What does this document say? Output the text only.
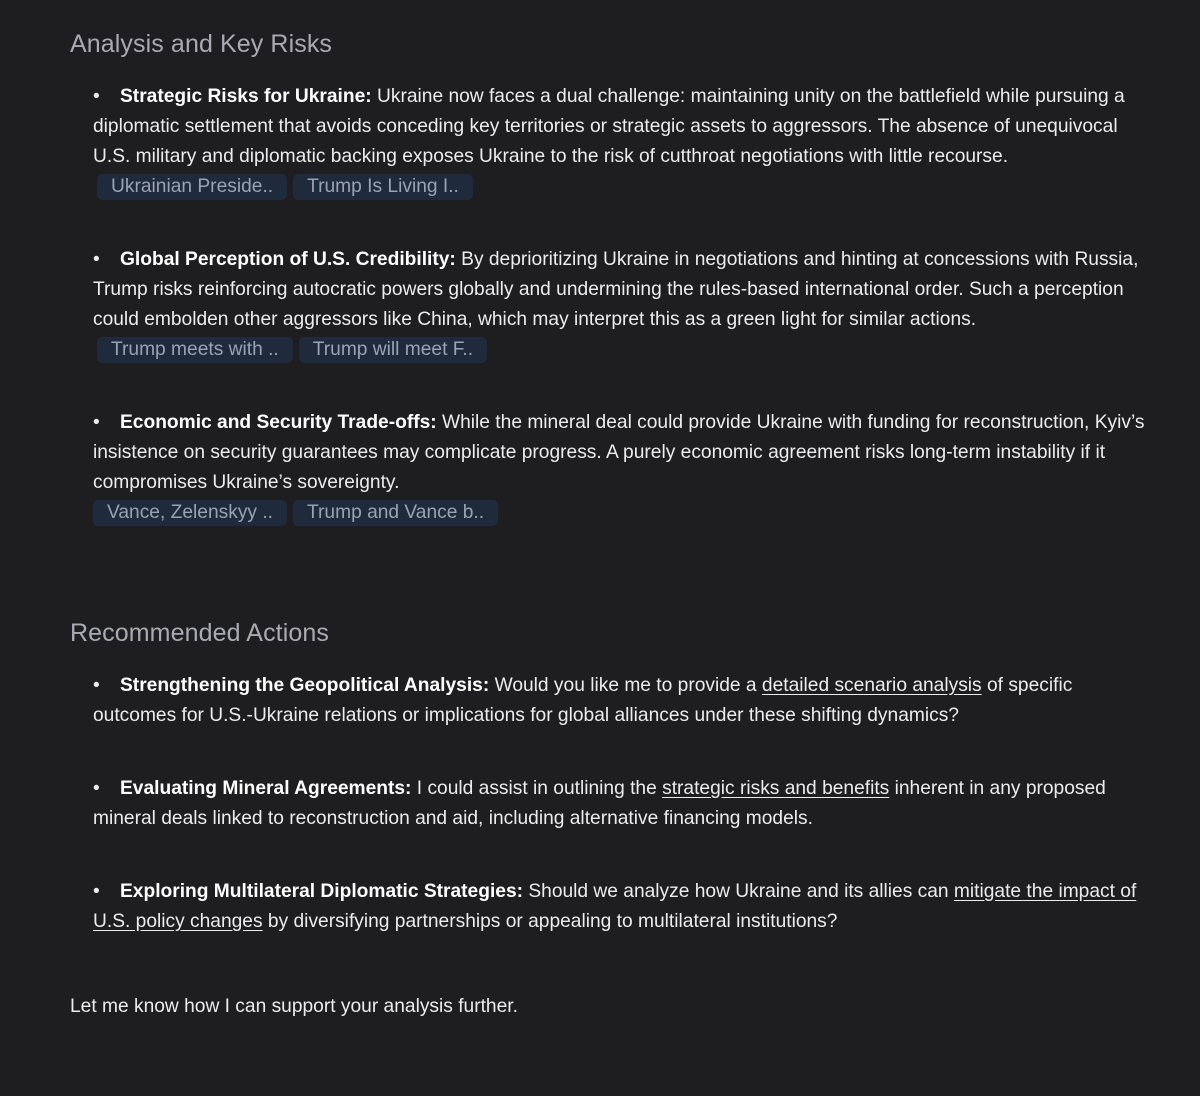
Analysis and Key Risks
• Strategic Risks for Ukraine: Ukraine now faces a dual challenge: maintaining unity on the battlefield while pursuing a diplomatic settlement that avoids conceding key territories or strategic assets to aggressors. The absence of unequivocal U.S. military and diplomatic backing exposes Ukraine to the risk of cutthroat negotiations with little recourse. Ukrainian Preside.. Trump Is Living I..
• Global Perception of U.S. Credibility: By deprioritizing Ukraine in negotiations and hinting at concessions with Russia, Trump risks reinforcing autocratic powers globally and undermining the rules-based international order. Such a perception could embolden other aggressors like China, which may interpret this as a green light for similar actions. Trump meets with .. Trump will meet F..
• Economic and Security Trade-offs: While the mineral deal could provide Ukraine with funding for reconstruction, Kyiv’s insistence on security guarantees may complicate progress. A purely economic agreement risks long-term instability if it compromises Ukraine’s sovereignty.
Vance, Zelenskyy .. Trump and Vance b..
Recommended Actions
• Strengthening the Geopolitical Analysis: Would you like me to provide a detailed scenario analysis of specific outcomes for U.S.-Ukraine relations or implications for global alliances under these shifting dynamics?
• Evaluating Mineral Agreements: I could assist in outlining the strategic risks and benefits inherent in any proposed mineral deals linked to reconstruction and aid, including alternative financing models.
• Exploring Multilateral Diplomatic Strategies: Should we analyze how Ukraine and its allies can mitigate the impact of U.S. policy changes by diversifying partnerships or appealing to multilateral institutions?

Let me know how I can support your analysis further.
